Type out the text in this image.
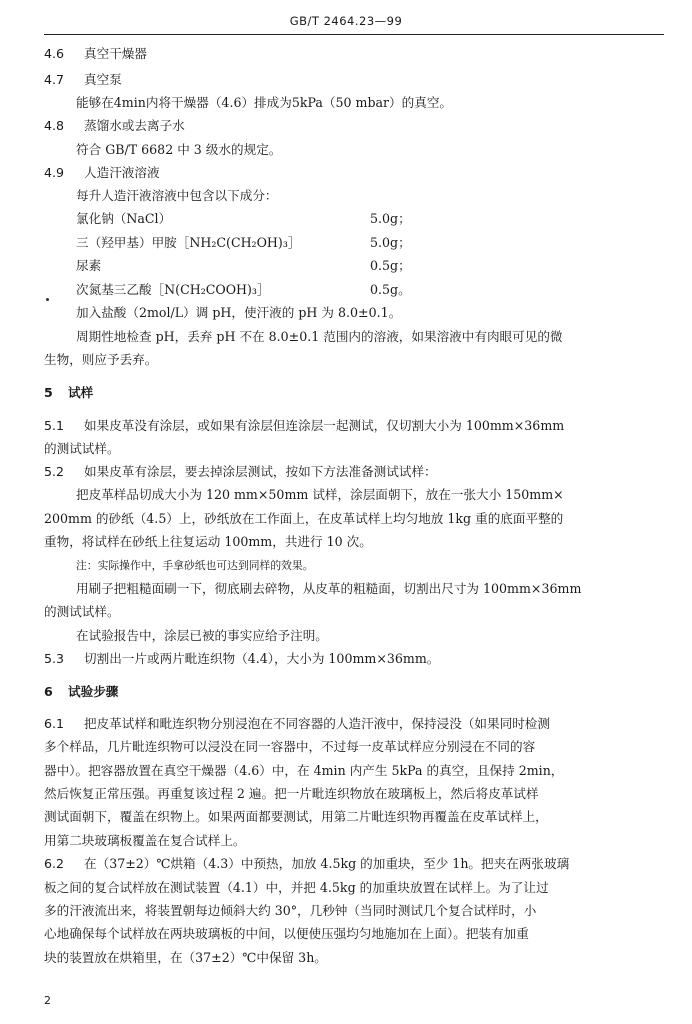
GB/T 2464.23—99
4.6 真空干燥器
4.7 真空泵
能够在4min内将干燥器（4.6）排成为5kPa（50 mbar）的真空。
4.8 蒸馏水或去离子水
符合 GB/T 6682 中 3 级水的规定。
4.9 人造汗液溶液
每升人造汗液溶液中包含以下成分：
氯化钠（NaCl）	5.0g；
三（羟甲基）甲胺［NH₂C(CH₂OH)₃］	5.0g；
尿素	0.5g；
次氮基三乙酸［N(CH₂COOH)₃］	0.5g。
加入盐酸（2mol/L）调 pH，使汗液的 pH 为 8.0±0.1。
周期性地检查 pH，丢弃 pH 不在 8.0±0.1 范围内的溶液，如果溶液中有肉眼可见的微
生物，则应予丢弃。
5 试样
5.1 如果皮革没有涂层，或如果有涂层但连涂层一起测试，仅切割大小为 100mm×36mm
的测试试样。
5.2 如果皮革有涂层，要去掉涂层测试，按如下方法准备测试试样：
把皮革样品切成大小为 120 mm×50mm 试样，涂层面朝下，放在一张大小 150mm×
200mm 的砂纸（4.5）上，砂纸放在工作面上，在皮革试样上均匀地放 1kg 重的底面平整的
重物，将试样在砂纸上往复运动 100mm，共进行 10 次。
注：实际操作中，手拿砂纸也可达到同样的效果。
用刷子把粗糙面刷一下，彻底刷去碎物，从皮革的粗糙面，切割出尺寸为 100mm×36mm
的测试试样。
在试验报告中，涂层已被的事实应给予注明。
5.3 切割出一片或两片毗连织物（4.4），大小为 100mm×36mm。
6 试验步骤
6.1 把皮革试样和毗连织物分别浸泡在不同容器的人造汗液中，保持浸没（如果同时检测
多个样品，几片毗连织物可以浸没在同一容器中，不过每一皮革试样应分别浸在不同的容
器中）。把容器放置在真空干燥器（4.6）中，在 4min 内产生 5kPa 的真空，且保持 2min，
然后恢复正常压强。再重复该过程 2 遍。把一片毗连织物放在玻璃板上，然后将皮革试样
测试面朝下，覆盖在织物上。如果两面都要测试，用第二片毗连织物再覆盖在皮革试样上，
用第二块玻璃板覆盖在复合试样上。
6.2 在（37±2）℃烘箱（4.3）中预热，加放 4.5kg 的加重块，至少 1h。把夹在两张玻璃
板之间的复合试样放在测试装置（4.1）中，并把 4.5kg 的加重块放置在试样上。为了让过
多的汗液流出来，将装置朝每边倾斜大约 30°，几秒钟（当同时测试几个复合试样时，小
心地确保每个试样放在两块玻璃板的中间，以便使压强均匀地施加在上面）。把装有加重
块的装置放在烘箱里，在（37±2）℃中保留 3h。
2
